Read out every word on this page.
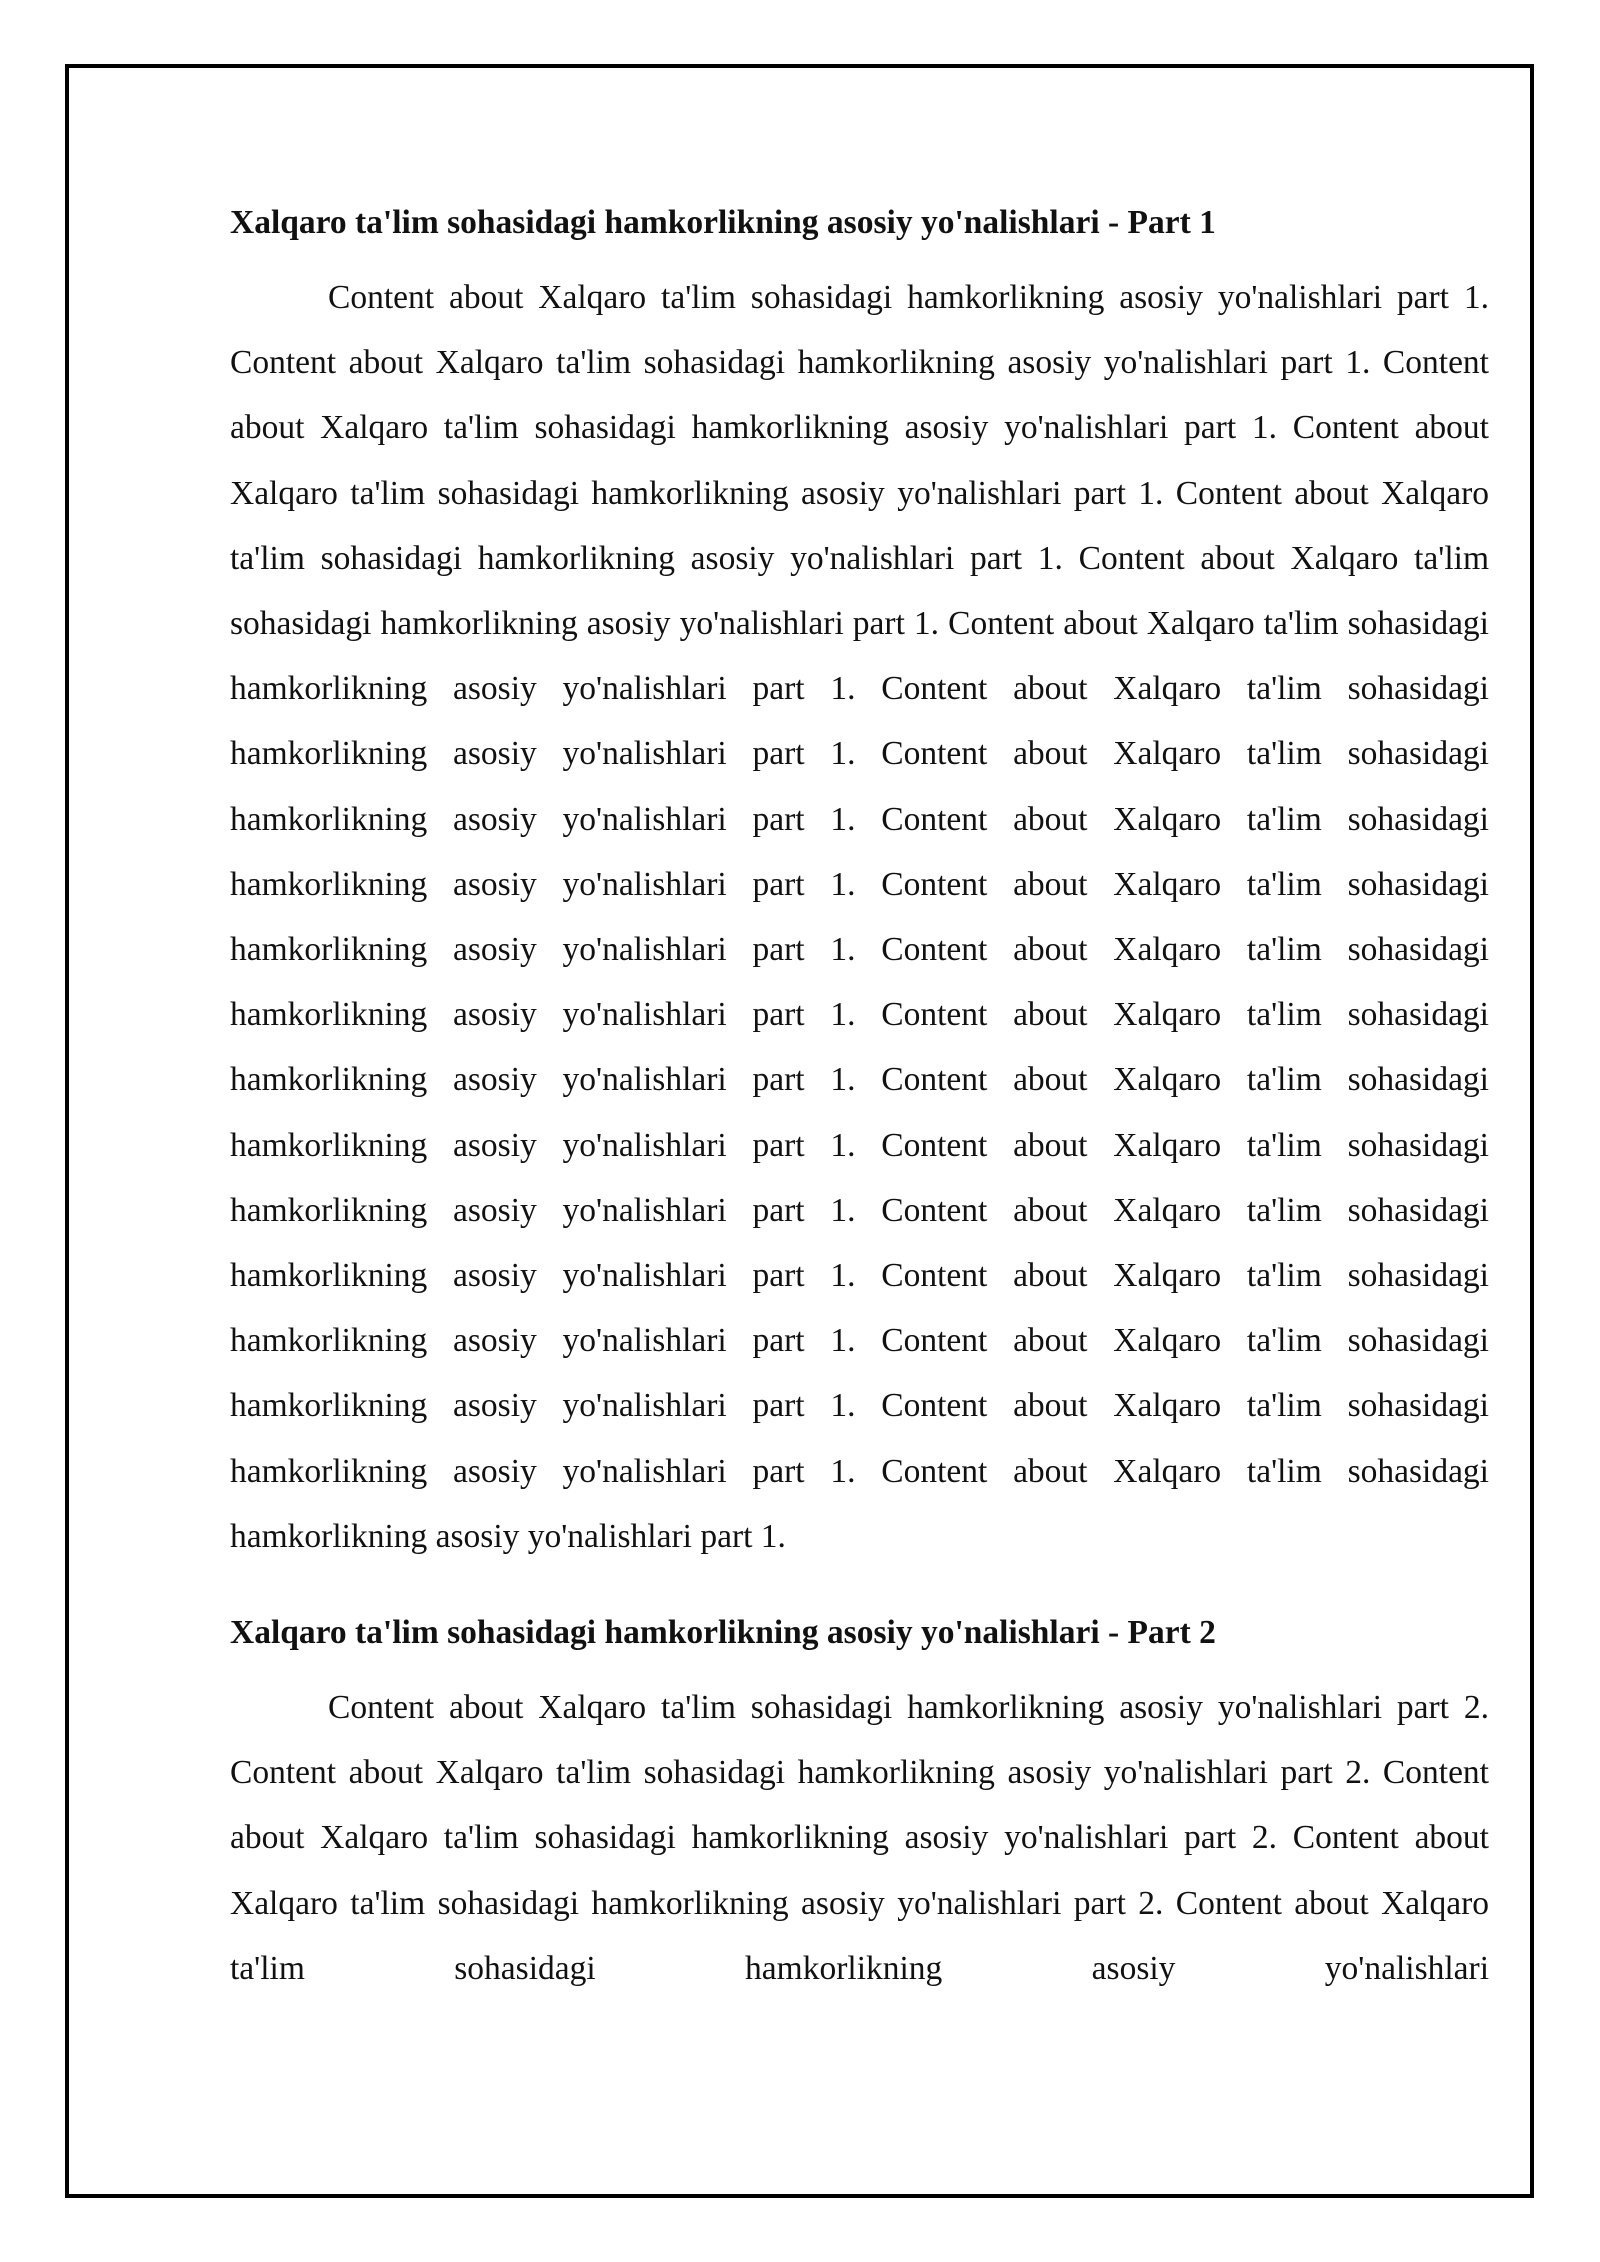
Xalqaro ta'lim sohasidagi hamkorlikning asosiy yo'nalishlari - Part 1

Content about Xalqaro ta'lim sohasidagi hamkorlikning asosiy yo'nalishlari part 1. Content about Xalqaro ta'lim sohasidagi hamkorlikning asosiy yo'nalishlari part 1. Content about Xalqaro ta'lim sohasidagi hamkorlikning asosiy yo'nalishlari part 1. Content about Xalqaro ta'lim sohasidagi hamkorlikning asosiy yo'nalishlari part 1. Content about Xalqaro ta'lim sohasidagi hamkorlikning asosiy yo'nalishlari part 1. Content about Xalqaro ta'lim sohasidagi hamkorlikning asosiy yo'nalishlari part 1. Content about Xalqaro ta'lim sohasidagi hamkorlikning asosiy yo'nalishlari part 1. Content about Xalqaro ta'lim sohasidagi hamkorlikning asosiy yo'nalishlari part 1. Content about Xalqaro ta'lim sohasidagi hamkorlikning asosiy yo'nalishlari part 1. Content about Xalqaro ta'lim sohasidagi hamkorlikning asosiy yo'nalishlari part 1. Content about Xalqaro ta'lim sohasidagi hamkorlikning asosiy yo'nalishlari part 1. Content about Xalqaro ta'lim sohasidagi hamkorlikning asosiy yo'nalishlari part 1. Content about Xalqaro ta'lim sohasidagi hamkorlikning asosiy yo'nalishlari part 1. Content about Xalqaro ta'lim sohasidagi hamkorlikning asosiy yo'nalishlari part 1. Content about Xalqaro ta'lim sohasidagi hamkorlikning asosiy yo'nalishlari part 1. Content about Xalqaro ta'lim sohasidagi hamkorlikning asosiy yo'nalishlari part 1. Content about Xalqaro ta'lim sohasidagi hamkorlikning asosiy yo'nalishlari part 1. Content about Xalqaro ta'lim sohasidagi hamkorlikning asosiy yo'nalishlari part 1. Content about Xalqaro ta'lim sohasidagi hamkorlikning asosiy yo'nalishlari part 1. Content about Xalqaro ta'lim sohasidagi hamkorlikning asosiy yo'nalishlari part 1.

Xalqaro ta'lim sohasidagi hamkorlikning asosiy yo'nalishlari - Part 2

Content about Xalqaro ta'lim sohasidagi hamkorlikning asosiy yo'nalishlari part 2. Content about Xalqaro ta'lim sohasidagi hamkorlikning asosiy yo'nalishlari part 2. Content about Xalqaro ta'lim sohasidagi hamkorlikning asosiy yo'nalishlari part 2. Content about Xalqaro ta'lim sohasidagi hamkorlikning asosiy yo'nalishlari part 2. Content about Xalqaro ta'lim sohasidagi hamkorlikning asosiy yo'nalishlari
